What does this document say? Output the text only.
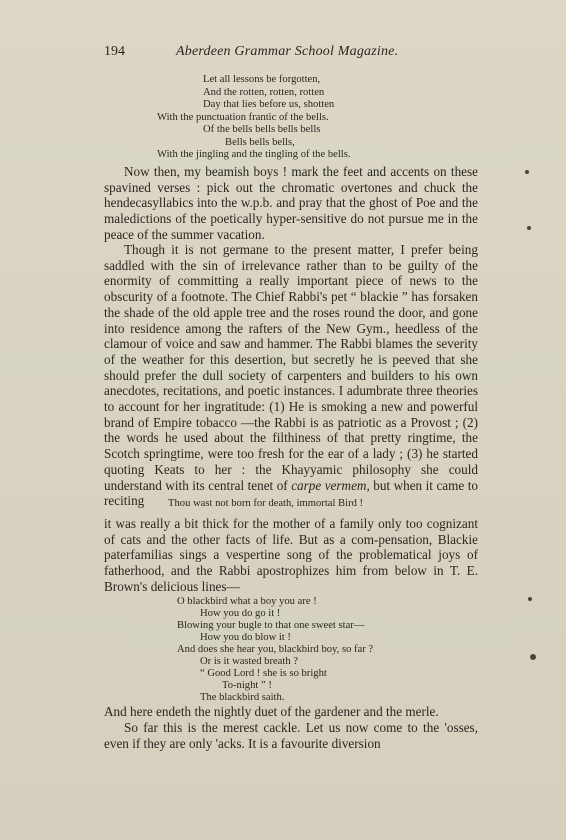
194	Aberdeen Grammar School Magazine.
Let all lessons be forgotten,
And the rotten, rotten, rotten
Day that lies before us, shotten
With the punctuation frantic of the bells.
Of the bells bells bells bells
Bells bells bells,
With the jingling and the tingling of the bells.

Now then, my beamish boys ! mark the feet and accents on these spavined verses : pick out the chromatic overtones and chuck the hendecasyllabics into the w.p.b. and pray that the ghost of Poe and the maledictions of the poetically hyper-sensitive do not pursue me in the peace of the summer vacation.

Though it is not germane to the present matter, I prefer being saddled with the sin of irrelevance rather than to be guilty of the enormity of committing a really important piece of news to the obscurity of a footnote. The Chief Rabbi's pet “ blackie ” has forsaken the shade of the old apple tree and the roses round the door, and gone into residence among the rafters of the New Gym., heedless of the clamour of voice and saw and hammer. The Rabbi blames the severity of the weather for this desertion, but secretly he is peeved that she should prefer the dull society of carpenters and builders to his own anecdotes, recitations, and poetic instances. I adumbrate three theories to account for her ingratitude: (1) He is smoking a new and powerful brand of Empire tobacco —the Rabbi is as patriotic as a Provost ; (2) the words he used about the filthiness of that pretty ringtime, the Scotch springtime, were too fresh for the ear of a lady ; (3) he started quoting Keats to her : the Khayyamic philosophy she could understand with its central tenet of carpe vermem, but when it came to reciting	Thou wast not born for death, immortal Bird !

it was really a bit thick for the mother of a family only too cognizant of cats and the other facts of life. But as a com-pensation, Blackie paterfamilias sings a vespertine song of the problematical joys of fatherhood, and the Rabbi apostrophizes him from below in T. E. Brown's delicious lines—

O blackbird what a boy you are !
How you do go it !
Blowing your bugle to that one sweet star—
How you do blow it !
And does she hear you, blackbird boy, so far ?
Or is it wasted breath ?
“ Good Lord ! she is so bright
To-night ” !
The blackbird saith.

And here endeth the nightly duet of the gardener and the merle.

So far this is the merest cackle. Let us now come to the 'osses, even if they are only 'acks. It is a favourite diversion
